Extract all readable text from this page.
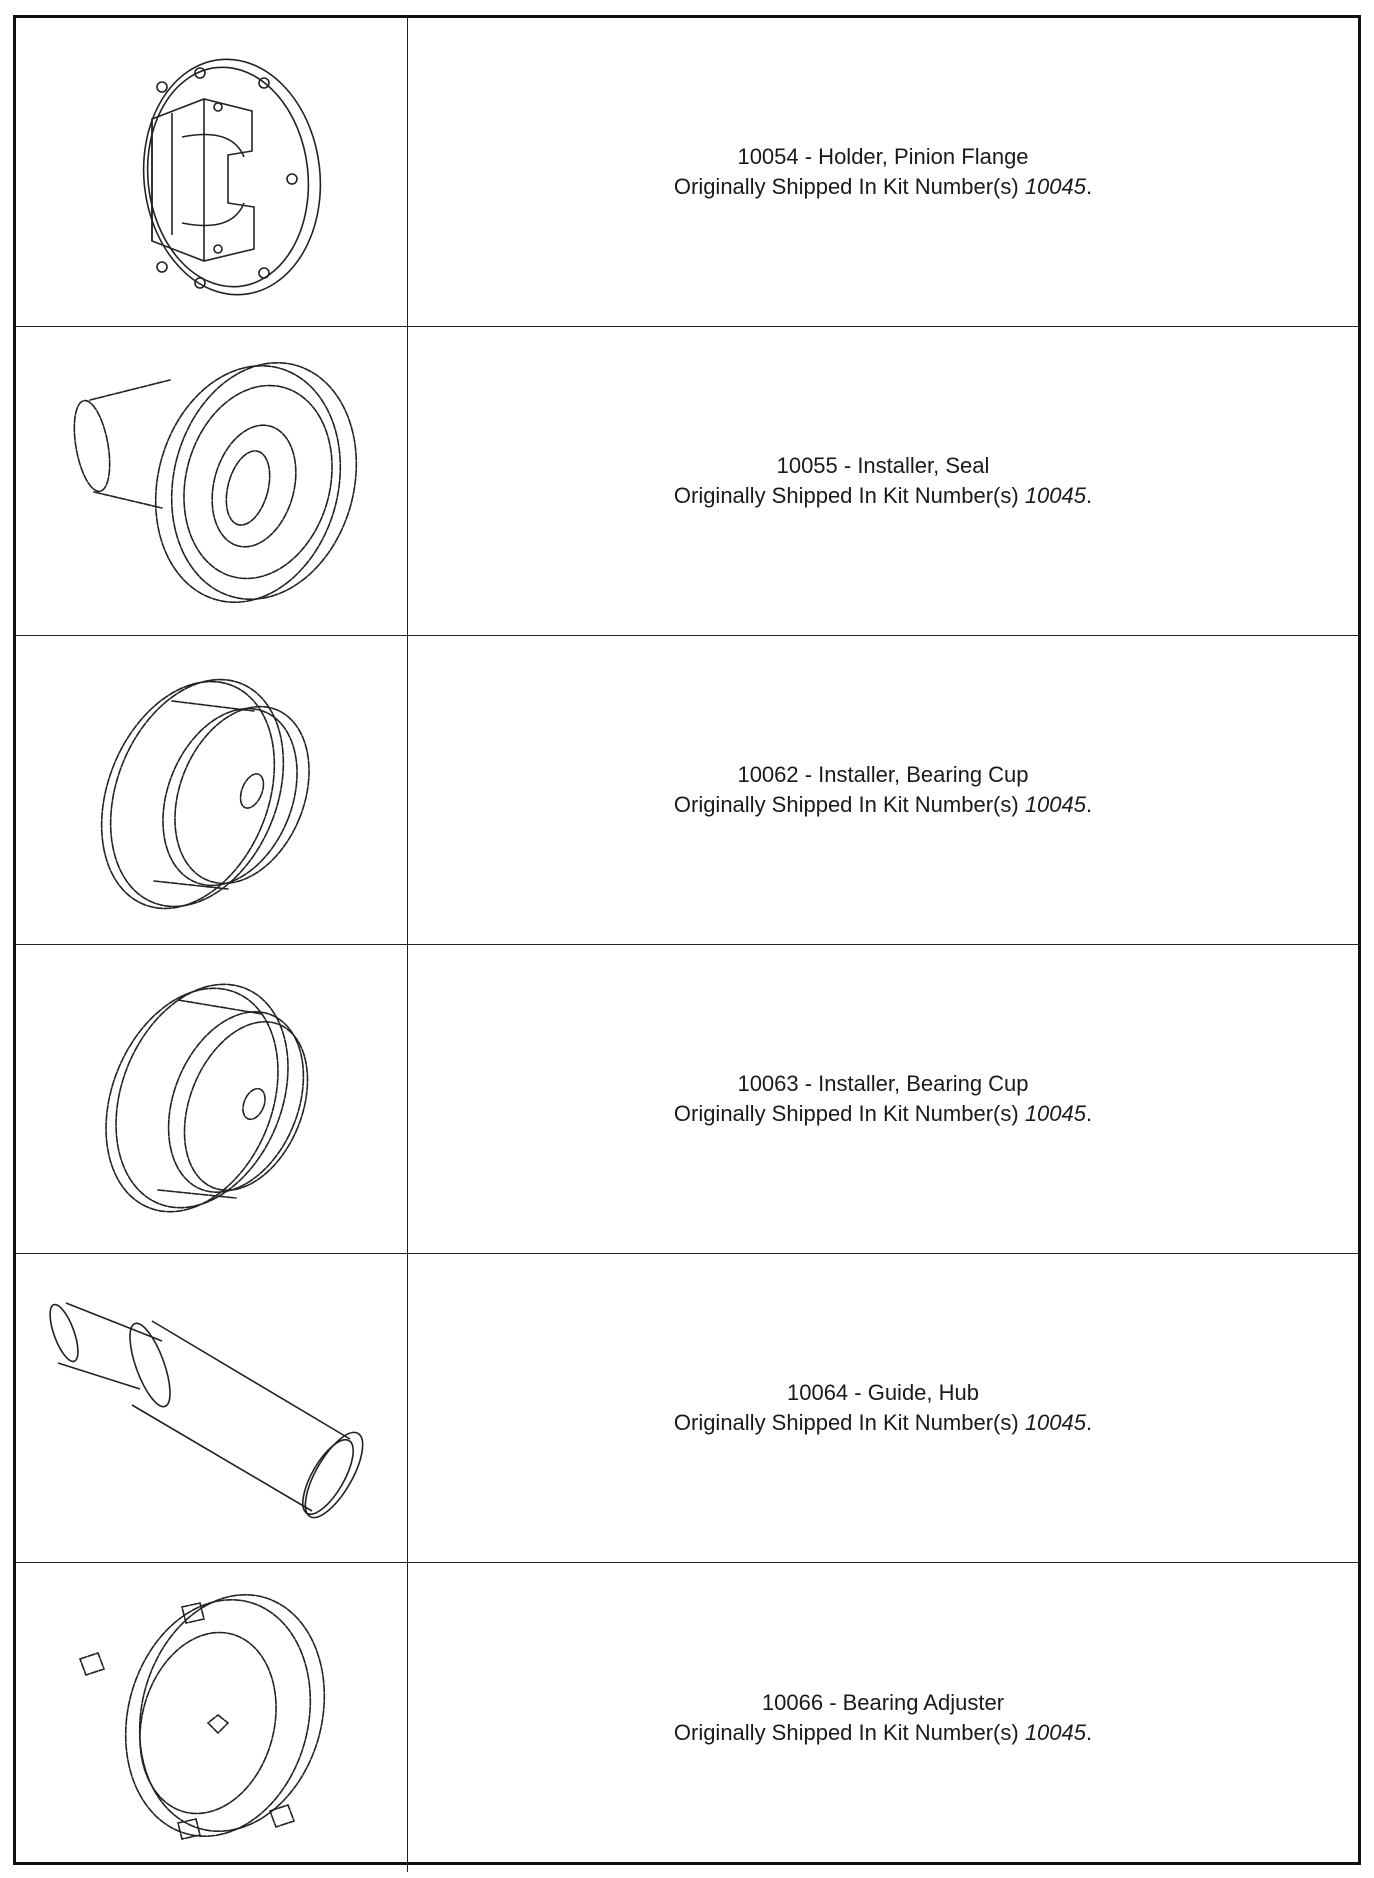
10054 - Holder, Pinion Flange
Originally Shipped In Kit Number(s) 10045.
10055 - Installer, Seal
Originally Shipped In Kit Number(s) 10045.
10062 - Installer, Bearing Cup
Originally Shipped In Kit Number(s) 10045.
10063 - Installer, Bearing Cup
Originally Shipped In Kit Number(s) 10045.
10064 - Guide, Hub
Originally Shipped In Kit Number(s) 10045.
10066 - Bearing Adjuster
Originally Shipped In Kit Number(s) 10045.
